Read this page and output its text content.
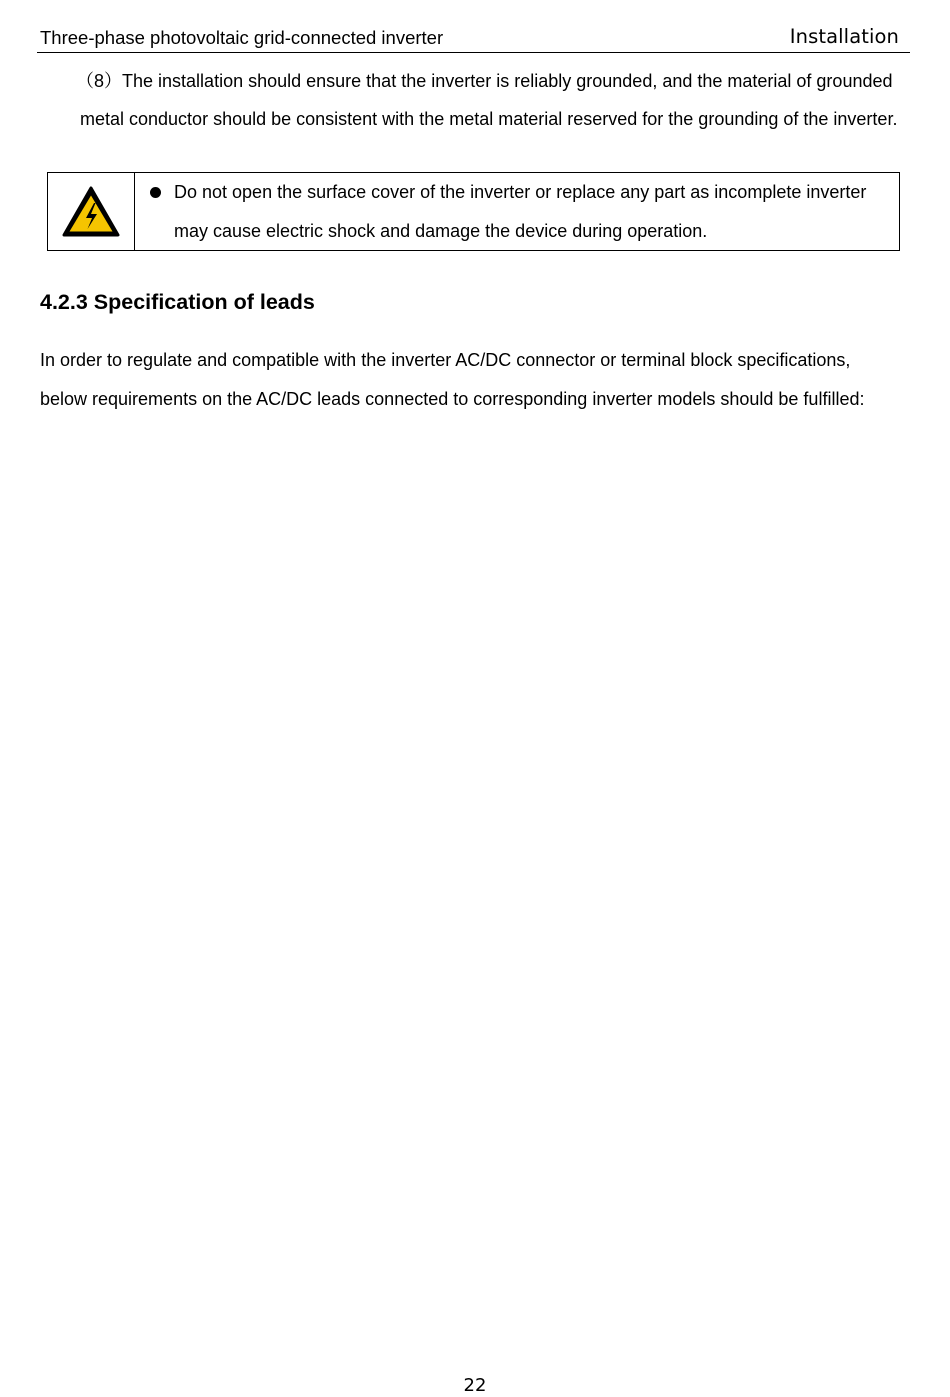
Three-phase photovoltaic grid-connected inverter	Installation
（8）The installation should ensure that the inverter is reliably grounded, and the material of grounded metal conductor should be consistent with the metal material reserved for the grounding of the inverter.
Do not open the surface cover of the inverter or replace any part as incomplete inverter may cause electric shock and damage the device during operation.
4.2.3 Specification of leads
In order to regulate and compatible with the inverter AC/DC connector or terminal block specifications, below requirements on the AC/DC leads connected to corresponding inverter models should be fulfilled:
22
